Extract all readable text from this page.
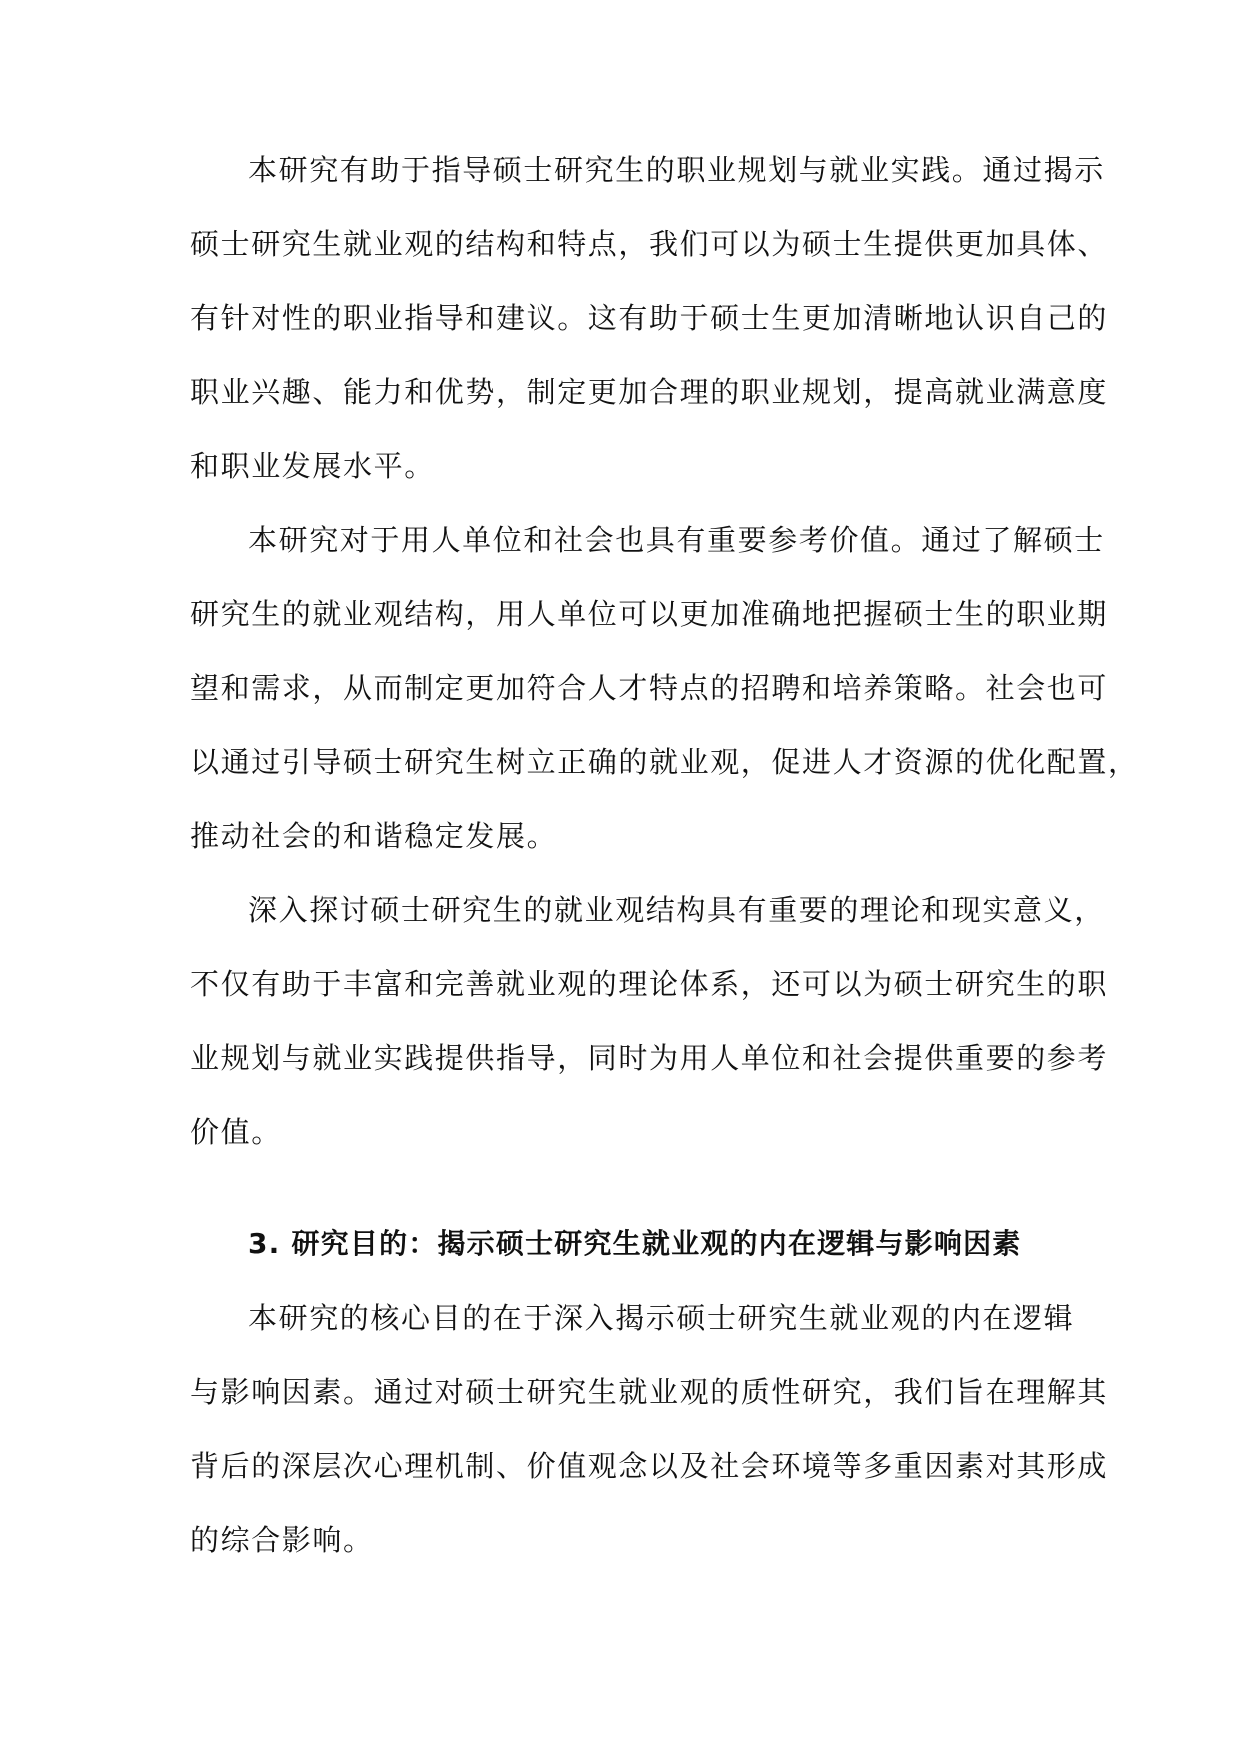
本研究有助于指导硕士研究生的职业规划与就业实践。通过揭示
硕士研究生就业观的结构和特点，我们可以为硕士生提供更加具体、
有针对性的职业指导和建议。这有助于硕士生更加清晰地认识自己的
职业兴趣、能力和优势，制定更加合理的职业规划，提高就业满意度
和职业发展水平。
本研究对于用人单位和社会也具有重要参考价值。通过了解硕士
研究生的就业观结构，用人单位可以更加准确地把握硕士生的职业期
望和需求，从而制定更加符合人才特点的招聘和培养策略。社会也可
以通过引导硕士研究生树立正确的就业观，促进人才资源的优化配置，
推动社会的和谐稳定发展。
深入探讨硕士研究生的就业观结构具有重要的理论和现实意义，
不仅有助于丰富和完善就业观的理论体系，还可以为硕士研究生的职
业规划与就业实践提供指导，同时为用人单位和社会提供重要的参考
价值。
3. 研究目的：揭示硕士研究生就业观的内在逻辑与影响因素
本研究的核心目的在于深入揭示硕士研究生就业观的内在逻辑
与影响因素。通过对硕士研究生就业观的质性研究，我们旨在理解其
背后的深层次心理机制、价值观念以及社会环境等多重因素对其形成
的综合影响。
